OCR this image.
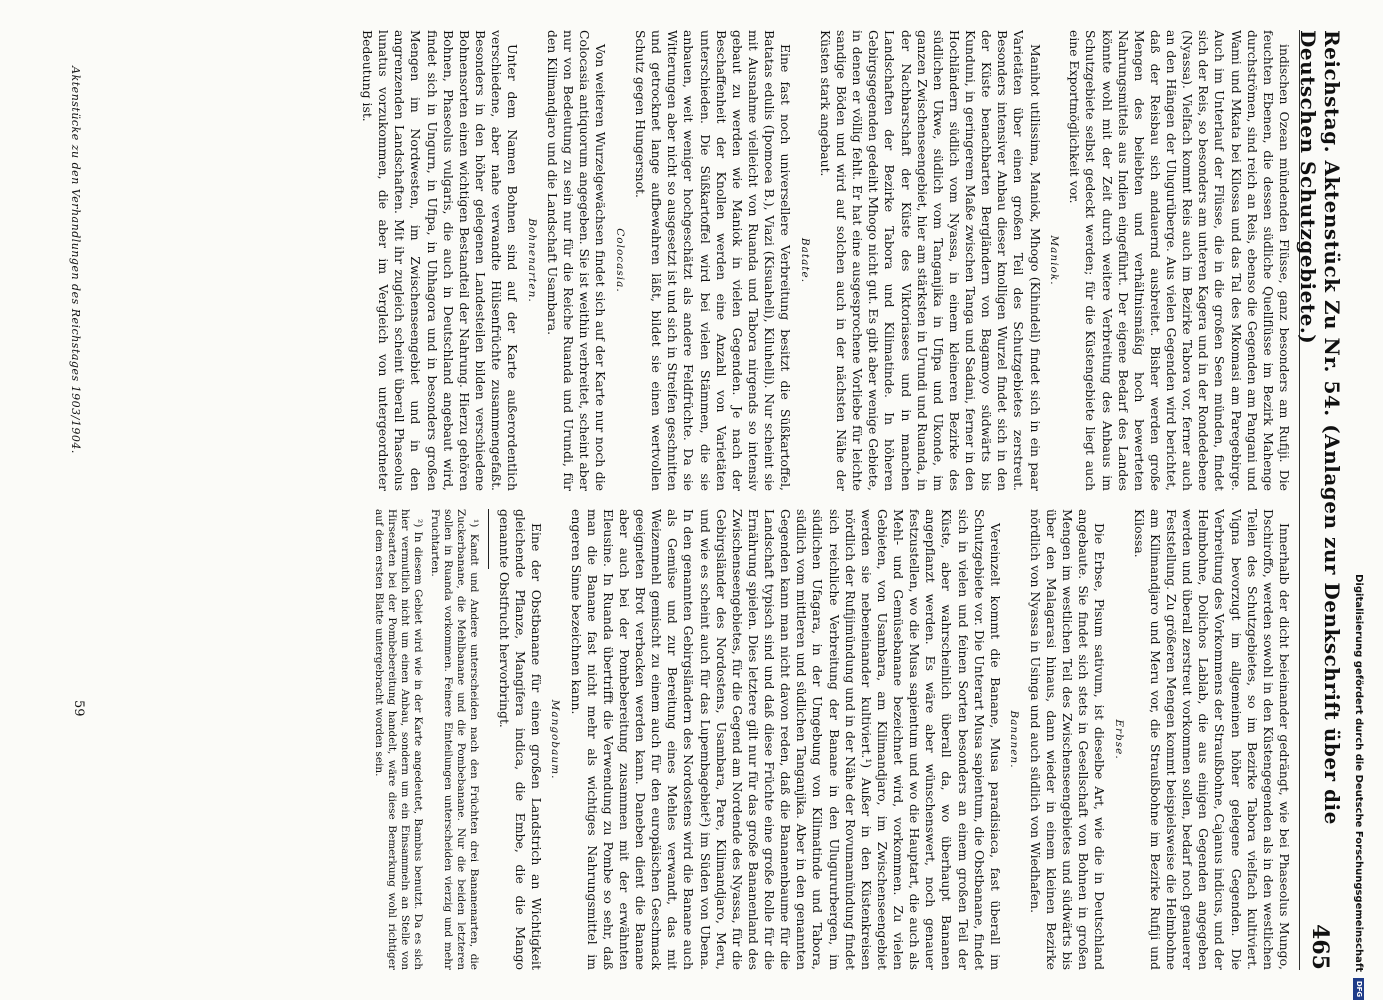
Reichstag. Aktenstück Zu Nr. 54. (Anlagen zur Denkschrift über die Deutschen Schutzgebiete.)
465

indischen Ozean mündenden Flüsse, ganz besonders am Rufiji. Die feuchten Ebenen, die dessen südliche Quellflüsse im Bezirk Mahenge durchströmen, sind reich an Reis, ebenso die Gegenden am Pangani und Wami und Mkata bei Kilossa und das Tal des Mkomasi am Paregebirge. Auch im Unterlauf der Flüsse, die in die großen Seen münden, findet sich der Reis, so besonders am unteren Kagera und in der Rondedebene (Nyassa). Vielfach kommt Reis auch im Bezirke Tabora vor, ferner auch an den Hängen der Ulugurüberge. Aus vielen Gegenden wird berichtet, daß der Reisbau sich andauernd ausbreitet. Bisher werden große Mengen des beliebten und verhältnismäßig hoch bewerteten Nahrungsmittels aus Indien eingeführt. Der eigene Bedarf des Landes könnte wohl mit der Zeit durch weitere Verbreitung des Anbaus im Schutzgebiete selbst gedeckt werden; für die Küstengebiete liegt auch eine Exportmöglichkeit vor.

Maniok.

Manihot utilissima, Maniok, Mhogo (Kihindeli) findet sich in ein paar Varietäten über einen großen Teil des Schutzgebietes zerstreut. Besonders intensiver Anbau dieser knolligen Wurzel findet sich in den der Küste benachbarten Bergländern von Bagamoyo südwärts bis Kunduni, in geringerem Maße zwischen Tanga und Sadani, ferner in den Hochländern südlich vom Nyassa, in einem kleineren Bezirke des südlichen Ukwe, südlich vom Tanganjika in Ufipa und Ukonde, im ganzen Zwischenseengebiet, hier am stärksten in Urundi und Ruanda, in der Nachbarschaft der Küste des Viktoriasees und in manchen Landschaften der Bezirke Tabora und Kilimatinde. In höheren Gebirgsgegenden gedeiht Mhogo nicht gut. Es gibt aber wenige Gebiete, in denen er völlig fehlt. Er hat eine ausgesprochene Vorliebe für leichte sandige Böden und wird auf solchen auch in der nächsten Nähe der Küsten stark angebaut.

Batate.

Eine fast noch universellere Verbreitung besitzt die Süßkartoffel, Batatas edulis (Ipomoea B.), Viazi (Kisuaheli), Kiluhelli). Nur scheint sie mit Ausnahme vielleicht von Ruanda und Tabora nirgends so intensiv gebaut zu werden wie Maniok in vielen Gegenden. Je nach der Beschaffenheit der Knollen werden eine Anzahl von Varietäten unterschieden. Die Süßkartoffel wird bei vielen Stämmen, die sie anbauen, weit weniger hochgeschätzt als andere Feldfrüchte. Da sie Witterungen aber nicht so ausgesetzt ist und sich in Streifen geschnitten und getrocknet lange aufbewahren läßt, bildet sie einen wertvollen Schutz gegen Hungersnot.

Colocasia.

Von weiteren Wurzelgewächsen findet sich auf der Karte nur noch die Colocasia antiquorum angegeben. Sie ist weithin verbreitet, scheint aber nur von Bedeutung zu sein nur für die Reiche Ruanda und Urundi, für den Kilimandjaro und die Landschaft Usambara.

Bohnenarten.

Unter dem Namen Bohnen sind auf der Karte außerordentlich verschiedene, aber nahe verwandte Hülsenfrüchte zusammengefaßt. Besonders in den höher gelegenen Landesteilen bilden verschiedene Bohnensorten einen wichtigen Bestandteil der Nahrung. Hierzu gehören Bohnen, Phaseolus vulgaris, die auch in Deutschland angebaut wird, findet sich in Ungurn, in Ufipa, in Uhhagora und in besonders großen Mengen im Nordwesten, im Zwischenseengebiet und in den angrenzenden Landschaften. Mit ihr zugleich scheint überall Phaseolus lunatus vorzukommen, die aber im Vergleich von untergeordneter Bedeutung ist.

Innerhalb der dicht beieinander gedrängt, wie bei Phaseolus Mungo, Dschiroffo, werden sowohl in den Küstengegenden als in den westlichen Teilen des Schutzgebietes, so im Bezirke Tabora vielfach kultiviert. Vigna bevorzugt im allgemeinen höher gelegene Gegenden. Die Verbreitung des Vorkommens der Straußbohne, Cajanus indicus, und der Helmbohne, Dolichos Lablab, die aus einigen Gegenden angegeben werden und überall zerstreut vorkommen sollen, bedarf noch genauerer Feststellung. Zu größeren Mengen kommt beispielsweise die Helmbohne am Kilimandjaro und Meru vor, die Straußbohne im Bezirke Rufiji und Kilossa.

Erbse.

Die Erbse, Pisum sativum, ist dieselbe Art, wie die in Deutschland angebaute. Sie findet sich stets in Gesellschaft von Bohnen in großen Mengen im westlichen Teil des Zwischenseengebietes und südwärts bis über den Malagarasi hinaus, dann wieder in einem kleinen Bezirke nördlich von Nyassa in Usinga und auch südlich von Wiedhafen.

Bananen.

Vereinzelt kommt die Banane, Musa paradisiaca, fast überall im Schutzgebiete vor. Die Unterart Musa sapientum, die Obstbanane, findet sich in vielen und feinen Sorten besonders an einem großen Teil der Küste, aber wahrscheinlich überall da, wo überhaupt Bananen angepflanzt werden. Es wäre aber wünschenswert, noch genauer festzustellen, wo die Musa sapientum und wo die Hauptart, die auch als Mehl- und Gemüsebanane bezeichnet wird, vorkommen. Zu vielen Gebieten, von Usambara, am Kilimandjaro, im Zwischenseengebiet werden sie nebeneinander kultiviert.¹) Außer in den Küstenkreisen nördlich der Rufijimündung und in der Nähe der Rovumamündung findet sich reichliche Verbreitung der Banane in den Ulugururbergen, im südlichen Ufagara, in der Umgebung von Kilimatinde und Tabora, südlich vom mittleren und südlichen Tanganjika. Aber in den genannten Gegenden kann man nicht davon reden, daß die Bananenbaume für die Landschaft typisch sind und daß diese Früchte eine große Rolle für die Ernährung spielen. Dies letztere gilt nur für das große Bananenland des Zwischenseengebietes, für die Gegend am Nordende des Nyassa, für die Gebirgsländer des Nordostens, Usambara, Pare, Kilimandjaro, Meru, und wie es scheint auch für das Lupembagebiet²) im Süden von Ubena. In den genannten Gebirgsländern des Nordostens wird die Banane auch als Gemüse und zur Bereitung eines Mehles verwandt, das mit Weizenmehl gemischt zu einem auch für den europäischen Geschmack geeigneten Brot verbacken werden kann. Daneben dient die Banane aber auch bei der Pombebereitung zusammen mit der erwähnten Eleusine. In Ruanda übertrifft die Verwendung zu Pombe so sehr, daß man die Banane fast nicht mehr als wichtiges Nahrungsmittel im engeren Sinne bezeichnen kann.

Mangobaum.

Eine der Obstbanane für einen großen Landstrich an Wichtigkeit gleichende Pflanze, Mangifera indica, die Embe, die die Mango genannte Obstfrucht hervorbringt.

¹) Kandt und Andere unterscheiden nach den Früchten drei Bananenarten, die Zuckerbanane, die Mehlbanane und die Pombebanane. Nur die beiden letzteren sollen in Ruanda vorkommen. Feinere Einteilungen unterscheiden vierzig und mehr Fruchtarten.

²) In diesem Gebiet wird wie in der Karte angedeutet, Bambus benutzt. Da es sich hier vermutlich nicht um einen Anbau, sondern um ein Einsammeln an Stelle von Hirsearten bei der Pombebereitung handelt, wäre diese Bemerkung wohl richtiger auf dem ersten Blatte untergebracht worden sein.

Aktenstücke zu den Verhandlungen des Reichstages 1903/1904.
59	Digitalisierung gefördert durch die Deutsche Forschungsgemeinschaft
DFG
